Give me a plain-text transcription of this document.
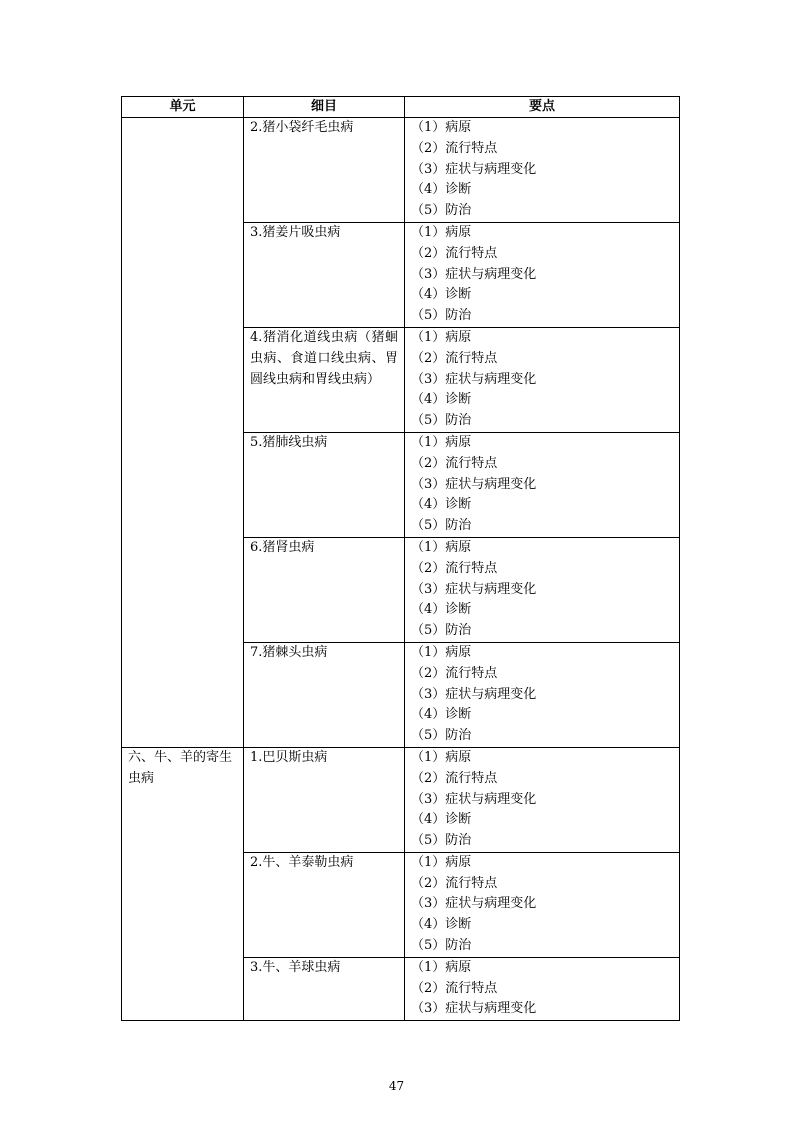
单元	细目	要点
	2.猪小袋纤毛虫病	（1）病原
（2）流行特点
（3）症状与病理变化
（4）诊断
（5）防治

	3.猪姜片吸虫病	（1）病原
（2）流行特点
（3）症状与病理变化
（4）诊断
（5）防治

	4.猪消化道线虫病（猪蛔虫病、食道口线虫病、胃圆线虫病和胃线虫病）	（1）病原
（2）流行特点
（3）症状与病理变化
（4）诊断
（5）防治

	5.猪肺线虫病	（1）病原
（2）流行特点
（3）症状与病理变化
（4）诊断
（5）防治

	6.猪肾虫病	（1）病原
（2）流行特点
（3）症状与病理变化
（4）诊断
（5）防治

	7.猪棘头虫病	（1）病原
（2）流行特点
（3）症状与病理变化
（4）诊断
（5）防治

六、牛、羊的寄生虫病	1.巴贝斯虫病	（1）病原
（2）流行特点
（3）症状与病理变化
（4）诊断
（5）防治

	2.牛、羊泰勒虫病	（1）病原
（2）流行特点
（3）症状与病理变化
（4）诊断
（5）防治

	3.牛、羊球虫病	（1）病原
（2）流行特点
（3）症状与病理变化
47
